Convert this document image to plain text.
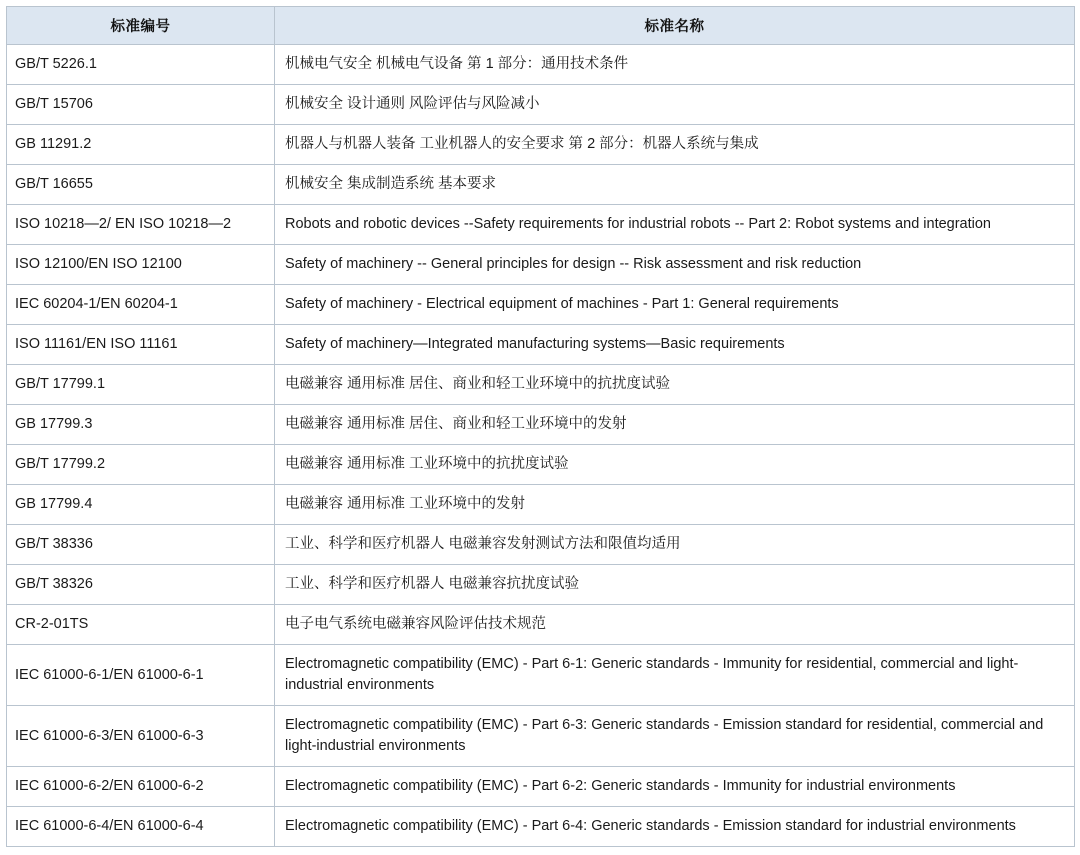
标准编号	标准名称
GB/T 5226.1	机械电气安全 机械电气设备 第 1 部分：通用技术条件
GB/T 15706	机械安全 设计通则 风险评估与风险减小
GB 11291.2	机器人与机器人装备 工业机器人的安全要求 第 2 部分：机器人系统与集成
GB/T 16655	机械安全 集成制造系统 基本要求
ISO 10218—2/ EN ISO 10218—2	Robots and robotic devices --Safety requirements for industrial robots -- Part 2: Robot systems and integration
ISO 12100/EN ISO 12100	Safety of machinery -- General principles for design -- Risk assessment and risk reduction
IEC 60204-1/EN 60204-1	Safety of machinery - Electrical equipment of machines - Part 1: General requirements
ISO 11161/EN ISO 11161	Safety of machinery—Integrated manufacturing systems—Basic requirements
GB/T 17799.1	电磁兼容 通用标准 居住、商业和轻工业环境中的抗扰度试验
GB 17799.3	电磁兼容 通用标准 居住、商业和轻工业环境中的发射
GB/T 17799.2	电磁兼容 通用标准 工业环境中的抗扰度试验
GB 17799.4	电磁兼容 通用标准 工业环境中的发射
GB/T 38336	工业、科学和医疗机器人 电磁兼容发射测试方法和限值均适用
GB/T 38326	工业、科学和医疗机器人 电磁兼容抗扰度试验
CR-2-01TS	电子电气系统电磁兼容风险评估技术规范
IEC 61000-6-1/EN 61000-6-1	Electromagnetic compatibility (EMC) - Part 6-1: Generic standards - Immunity for residential, commercial and light-industrial environments
IEC 61000-6-3/EN 61000-6-3	Electromagnetic compatibility (EMC) - Part 6-3: Generic standards - Emission standard for residential, commercial and light-industrial environments
IEC 61000-6-2/EN 61000-6-2	Electromagnetic compatibility (EMC) - Part 6-2: Generic standards - Immunity for industrial environments
IEC 61000-6-4/EN 61000-6-4	Electromagnetic compatibility (EMC) - Part 6-4: Generic standards - Emission standard for industrial environments
